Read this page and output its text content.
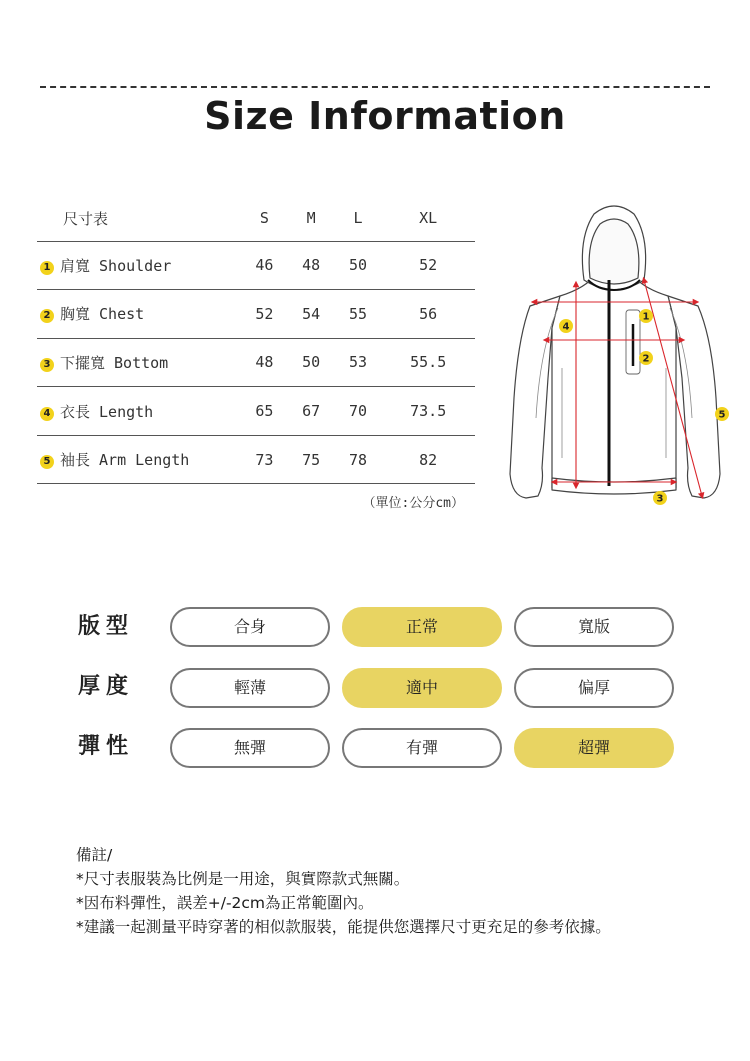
Size Information
尺寸表	S	M	L	XL
1 肩寬 Shoulder	46	48	50	52
2 胸寬 Chest	52	54	55	56
3 下擺寬 Bottom	48	50	53	55.5
4 衣長 Length	65	67	70	73.5
5 袖長 Arm Length	73	75	78	82
（單位:公分cm）
1
2
3
4
5
版型	合身	正常	寬版
厚度	輕薄	適中	偏厚
彈性	無彈	有彈	超彈
備註/
*尺寸表服裝為比例是一用途，與實際款式無關。
*因布料彈性，誤差+/-2cm為正常範圍內。
*建議一起測量平時穿著的相似款服裝，能提供您選擇尺寸更充足的參考依據。
